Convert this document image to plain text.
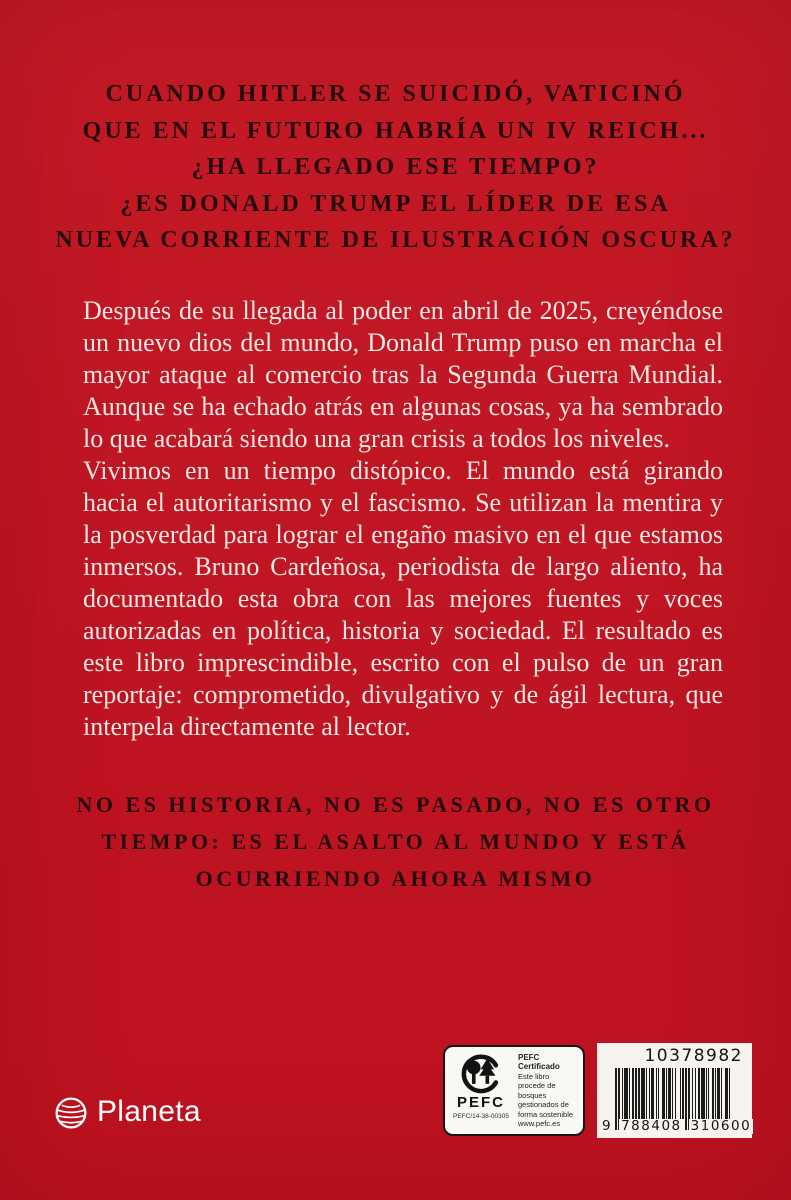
CUANDO HITLER SE SUICIDÓ, VATICINÓ
QUE EN EL FUTURO HABRÍA UN IV REICH...
¿HA LLEGADO ESE TIEMPO?
¿ES DONALD TRUMP EL LÍDER DE ESA
NUEVA CORRIENTE DE ILUSTRACIÓN OSCURA?

Después de su llegada al poder en abril de 2025, creyéndose un nuevo dios del mundo, Donald Trump puso en marcha el mayor ataque al comercio tras la Segunda Guerra Mundial. Aunque se ha echado atrás en algunas cosas, ya ha sembrado lo que acabará siendo una gran crisis a todos los niveles.

Vivimos en un tiempo distópico. El mundo está girando hacia el autoritarismo y el fascismo. Se utilizan la mentira y la posverdad para lograr el engaño masivo en el que estamos inmersos. Bruno Cardeñosa, periodista de largo aliento, ha documentado esta obra con las mejores fuentes y voces autorizadas en política, historia y sociedad. El resultado es este libro imprescindible, escrito con el pulso de un gran reportaje: comprometido, divulgativo y de ágil lectura, que interpela directamente al lector.

NO ES HISTORIA, NO ES PASADO, NO ES OTRO
TIEMPO: ES EL ASALTO AL MUNDO Y ESTÁ
OCURRIENDO AHORA MISMO
Planeta	PEFC
PEFC/14-38-00305
PEFC Certificado
Este libro procede de bosques gestionados de forma sostenible
www.pefc.es
10378982
9 788408 310600
